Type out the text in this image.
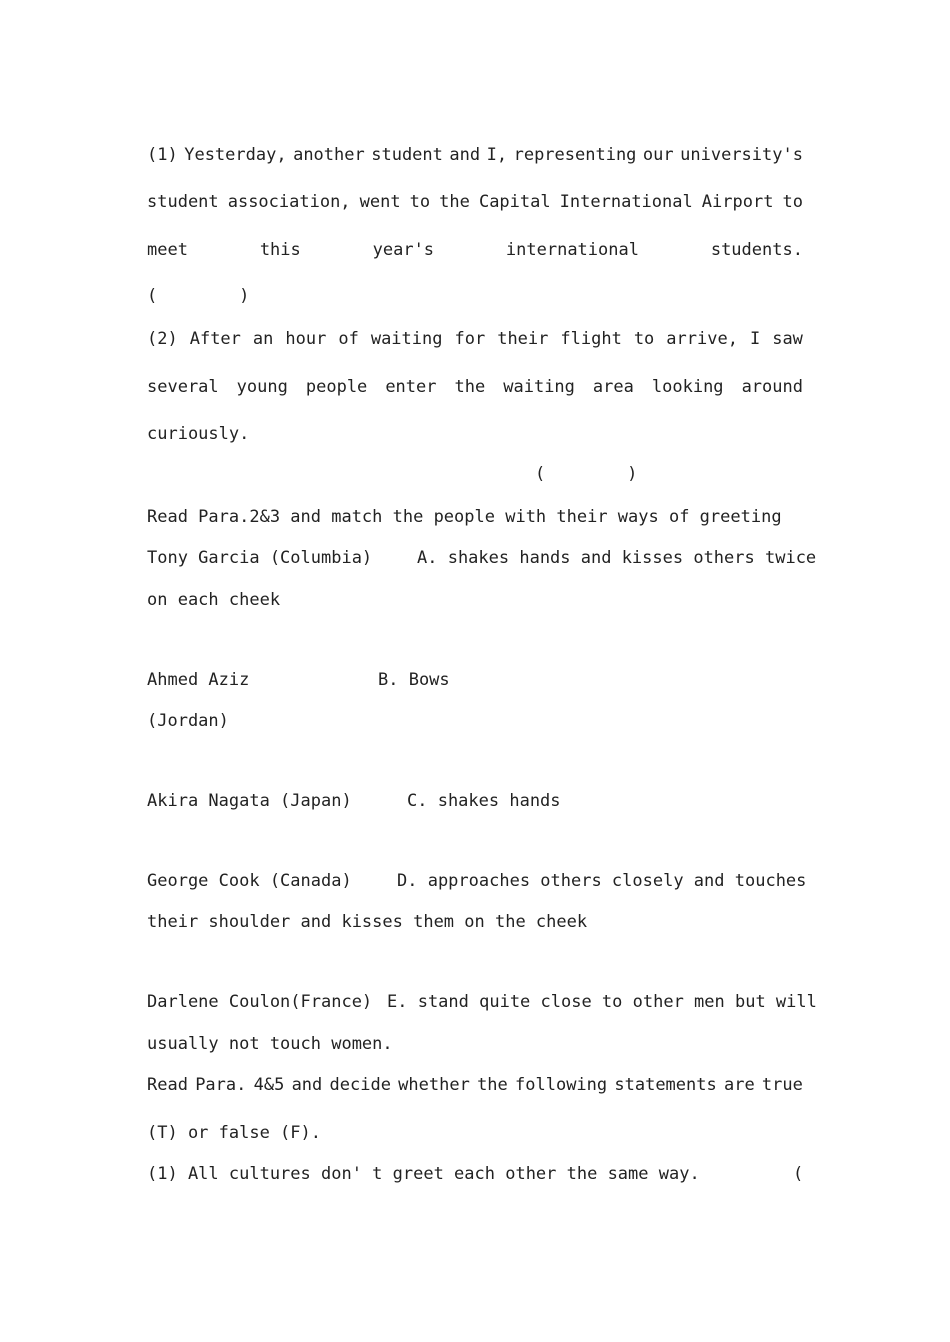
(1) Yesterday, another student and I, representing our university's
student association, went to the Capital International Airport to
meet	this	year's	international	students.
(        )
(2) After an hour of waiting for their flight to arrive, I saw
several young people enter the waiting area looking around
curiously.
(        )
Read Para.2&3 and match the people with their ways of greeting
Tony Garcia (Columbia)	A. shakes hands and kisses others twice
on each cheek
Ahmed Aziz	B. Bows
(Jordan)
Akira Nagata (Japan)	C. shakes hands
George Cook (Canada)	D. approaches others closely and touches
their shoulder and kisses them on the cheek
Darlene Coulon(France) E. stand quite close to other men but will
usually not touch women.
Read Para. 4&5 and decide whether the following statements are true
(T) or false (F).
(1) All cultures don' t greet each other the same way.	(
